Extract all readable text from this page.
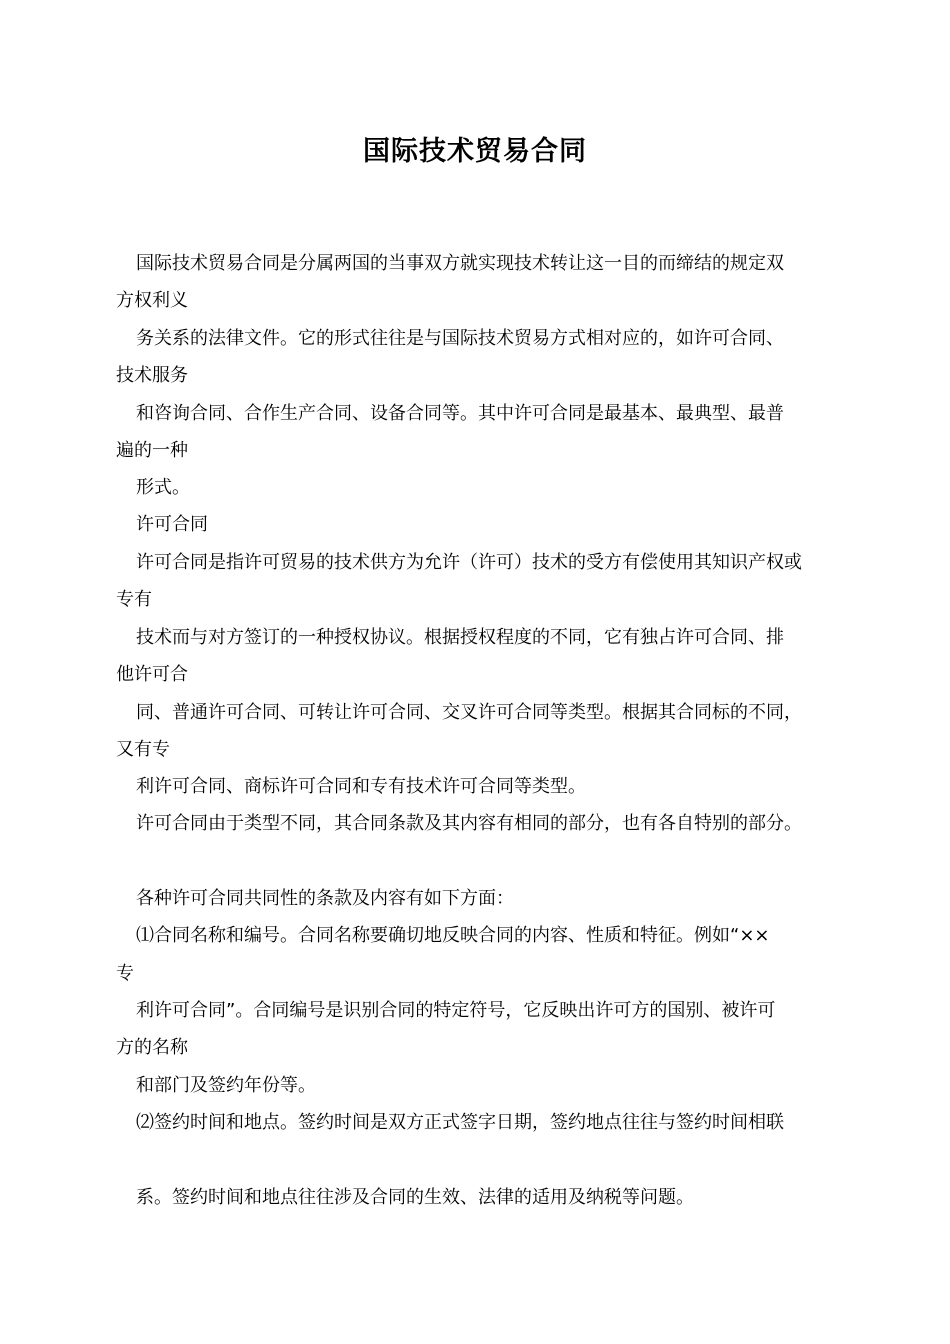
国际技术贸易合同
国际技术贸易合同是分属两国的当事双方就实现技术转让这一目的而缔结的规定双
方权利义
务关系的法律文件。它的形式往往是与国际技术贸易方式相对应的，如许可合同、
技术服务
和咨询合同、合作生产合同、设备合同等。其中许可合同是最基本、最典型、最普
遍的一种
形式。
许可合同
许可合同是指许可贸易的技术供方为允许（许可）技术的受方有偿使用其知识产权或
专有
技术而与对方签订的一种授权协议。根据授权程度的不同，它有独占许可合同、排
他许可合
同、普通许可合同、可转让许可合同、交叉许可合同等类型。根据其合同标的不同，
又有专
利许可合同、商标许可合同和专有技术许可合同等类型。
许可合同由于类型不同，其合同条款及其内容有相同的部分，也有各自特别的部分。
各种许可合同共同性的条款及内容有如下方面：
⑴合同名称和编号。合同名称要确切地反映合同的内容、性质和特征。例如“××
专
利许可合同”。合同编号是识别合同的特定符号，它反映出许可方的国别、被许可
方的名称
和部门及签约年份等。
⑵签约时间和地点。签约时间是双方正式签字日期，签约地点往往与签约时间相联
系。签约时间和地点往往涉及合同的生效、法律的适用及纳税等问题。
